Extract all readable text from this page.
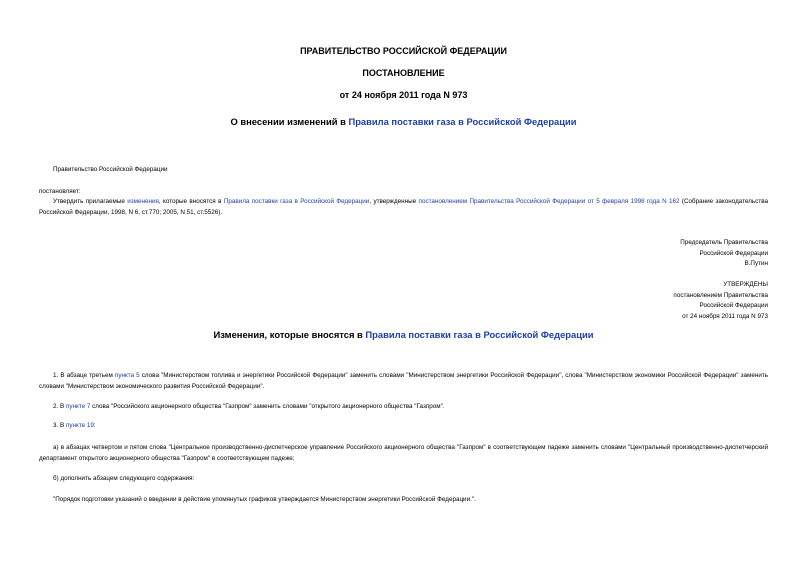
ПРАВИТЕЛЬСТВО РОССИЙСКОЙ ФЕДЕРАЦИИ
ПОСТАНОВЛЕНИЕ
от 24 ноября 2011 года N 973
О внесении изменений в Правила поставки газа в Российской Федерации
Правительство Российской Федерации
постановляет:
Утвердить прилагаемые изменения, которые вносятся в Правила поставки газа в Российской Федерации, утвержденные постановлением Правительства Российской Федерации от 5 февраля 1998 года N 162 (Собрание законодательства Российской Федерации, 1998, N 6, ст.770; 2005, N 51, ст.5526).
Председатель Правительства
Российской Федерации
В.Путин
УТВЕРЖДЕНЫ
постановлением Правительства
Российской Федерации
от 24 ноября 2011 года N 973
Изменения, которые вносятся в Правила поставки газа в Российской Федерации
1. В абзаце третьем пункта 5 слова "Министерством топлива и энергетики Российской Федерации" заменить словами "Министерством энергетики Российской Федерации", слова "Министерством экономики Российской Федерации" заменить словами "Министерством экономического развития Российской Федерации".
2. В пункте 7 слова "Российского акционерного общества "Газпром" заменить словами "открытого акционерного общества "Газпром".
3. В пункте 19:
а) в абзацах четвертом и пятом слова "Центральное производственно-диспетчерское управление Российского акционерного общества "Газпром" в соответствующем падеже заменить словами "Центральный производственно-диспетчерский департамент открытого акционерного общества "Газпром" в соответствующем падеже;
б) дополнить абзацем следующего содержания:
"Порядок подготовки указаний о введении в действие упомянутых графиков утверждается Министерством энергетики Российской Федерации.".
